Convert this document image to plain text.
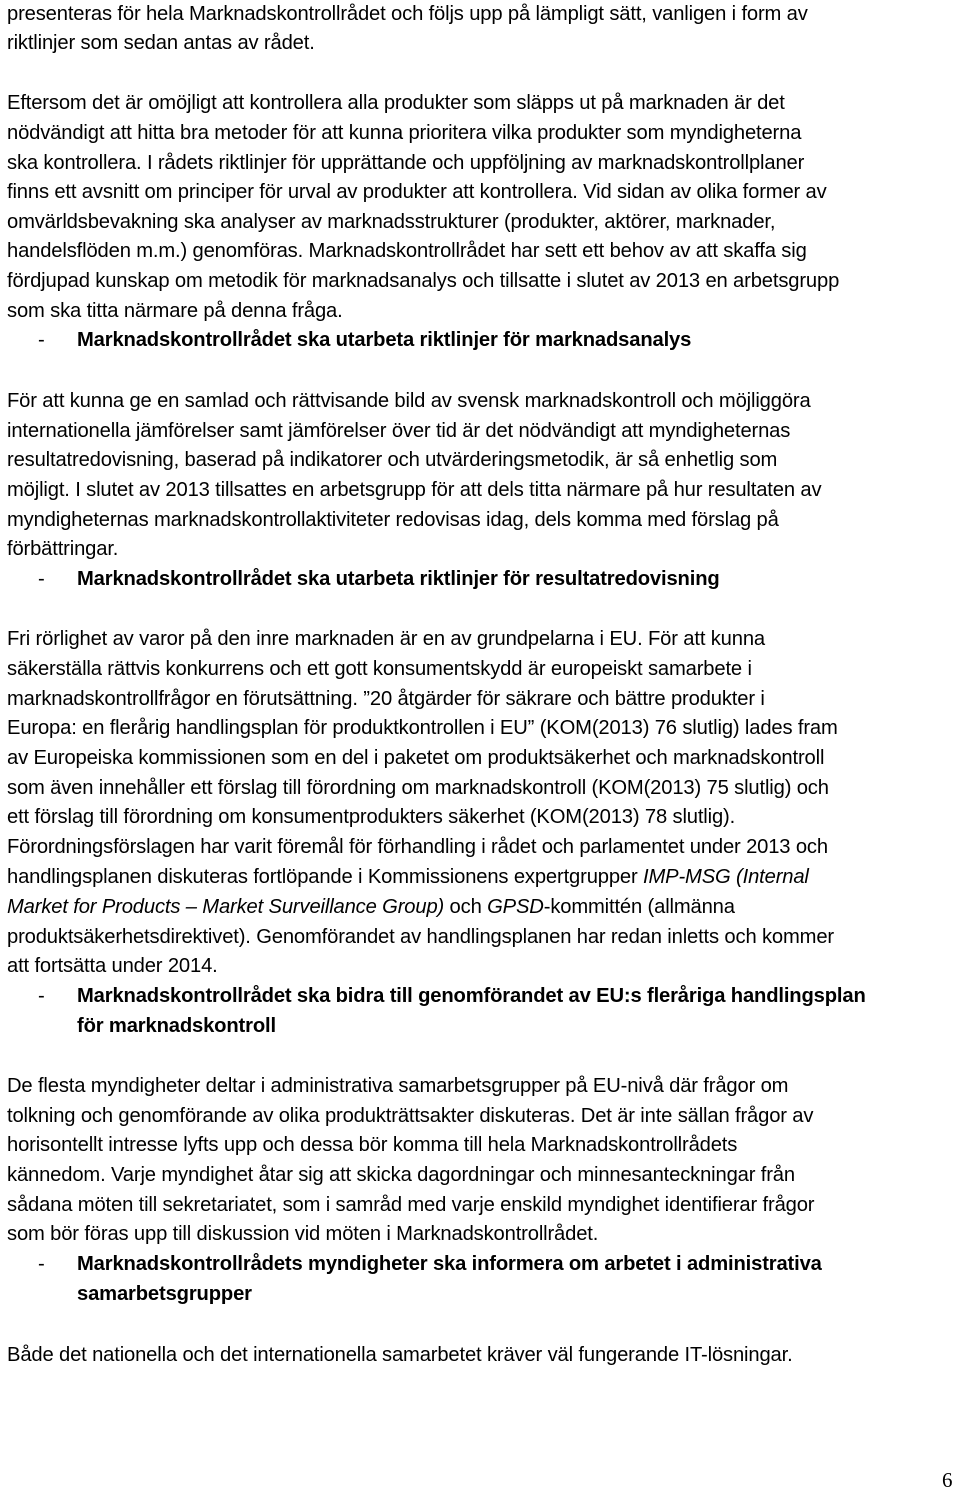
presenteras för hela Marknadskontrollrådet och följs upp på lämpligt sätt, vanligen i form av
riktlinjer som sedan antas av rådet.
Eftersom det är omöjligt att kontrollera alla produkter som släpps ut på marknaden är det
nödvändigt att hitta bra metoder för att kunna prioritera vilka produkter som myndigheterna
ska kontrollera. I rådets riktlinjer för upprättande och uppföljning av marknadskontrollplaner
finns ett avsnitt om principer för urval av produkter att kontrollera. Vid sidan av olika former av
omvärldsbevakning ska analyser av marknadsstrukturer (produkter, aktörer, marknader,
handelsflöden m.m.) genomföras. Marknadskontrollrådet har sett ett behov av att skaffa sig
fördjupad kunskap om metodik för marknadsanalys och tillsatte i slutet av 2013 en arbetsgrupp
som ska titta närmare på denna fråga.
- Marknadskontrollrådet ska utarbeta riktlinjer för marknadsanalys
För att kunna ge en samlad och rättvisande bild av svensk marknadskontroll och möjliggöra
internationella jämförelser samt jämförelser över tid är det nödvändigt att myndigheternas
resultatredovisning, baserad på indikatorer och utvärderingsmetodik, är så enhetlig som
möjligt. I slutet av 2013 tillsattes en arbetsgrupp för att dels titta närmare på hur resultaten av
myndigheternas marknadskontrollaktiviteter redovisas idag, dels komma med förslag på
förbättringar.
- Marknadskontrollrådet ska utarbeta riktlinjer för resultatredovisning
Fri rörlighet av varor på den inre marknaden är en av grundpelarna i EU. För att kunna
säkerställa rättvis konkurrens och ett gott konsumentskydd är europeiskt samarbete i
marknadskontrollfrågor en förutsättning. ”20 åtgärder för säkrare och bättre produkter i
Europa: en flerårig handlingsplan för produktkontrollen i EU” (KOM(2013) 76 slutlig) lades fram
av Europeiska kommissionen som en del i paketet om produktsäkerhet och marknadskontroll
som även innehåller ett förslag till förordning om marknadskontroll (KOM(2013) 75 slutlig) och
ett förslag till förordning om konsumentprodukters säkerhet (KOM(2013) 78 slutlig).
Förordningsförslagen har varit föremål för förhandling i rådet och parlamentet under 2013 och
handlingsplanen diskuteras fortlöpande i Kommissionens expertgrupper IMP-MSG (Internal
Market for Products – Market Surveillance Group) och GPSD-kommittén (allmänna
produktsäkerhetsdirektivet). Genomförandet av handlingsplanen har redan inletts och kommer
att fortsätta under 2014.
- Marknadskontrollrådet ska bidra till genomförandet av EU:s fleråriga handlingsplan
för marknadskontroll
De flesta myndigheter deltar i administrativa samarbetsgrupper på EU-nivå där frågor om
tolkning och genomförande av olika produkträttsakter diskuteras. Det är inte sällan frågor av
horisontellt intresse lyfts upp och dessa bör komma till hela Marknadskontrollrådets
kännedom. Varje myndighet åtar sig att skicka dagordningar och minnesanteckningar från
sådana möten till sekretariatet, som i samråd med varje enskild myndighet identifierar frågor
som bör föras upp till diskussion vid möten i Marknadskontrollrådet.
- Marknadskontrollrådets myndigheter ska informera om arbetet i administrativa
samarbetsgrupper
Både det nationella och det internationella samarbetet kräver väl fungerande IT-lösningar.
6
